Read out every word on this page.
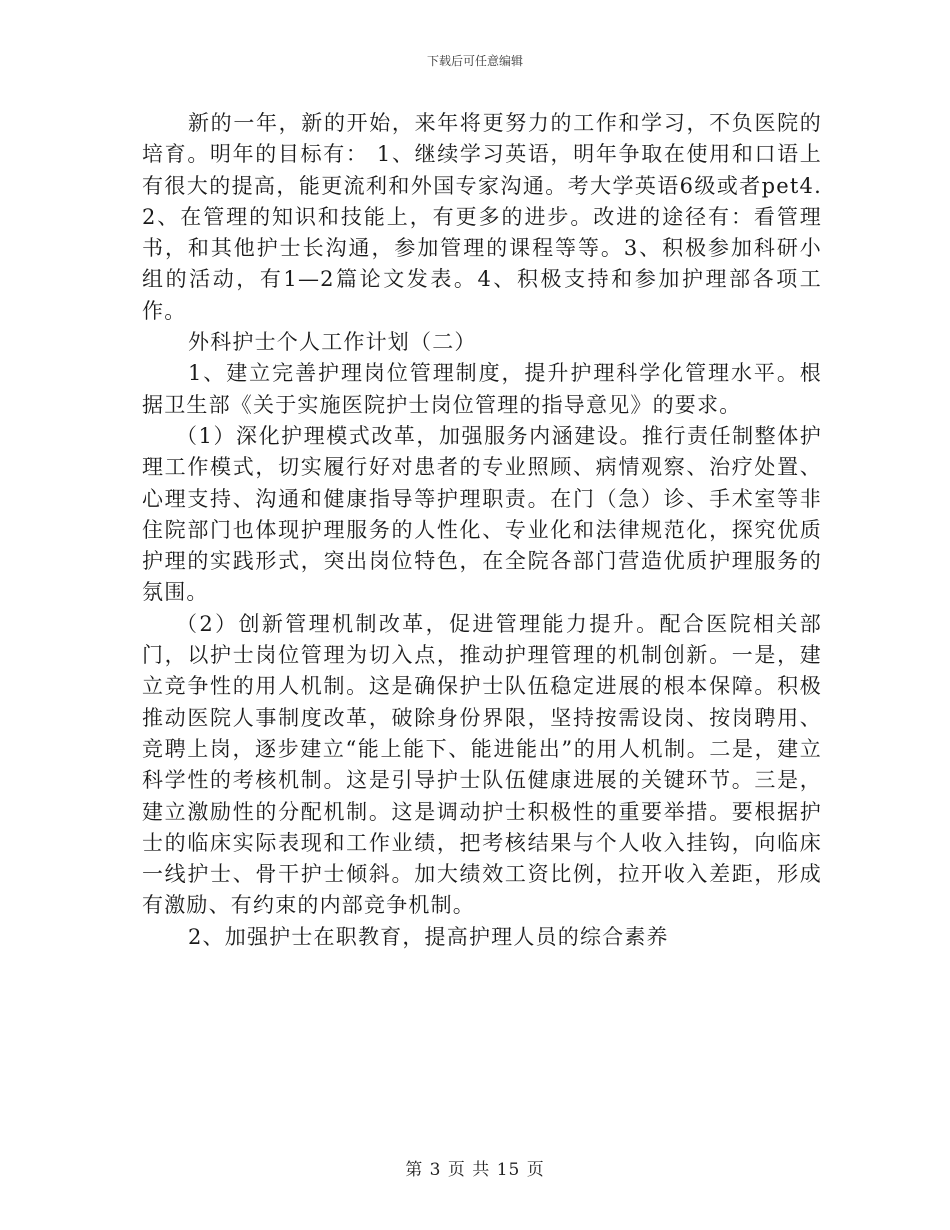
下载后可任意编辑

新的一年，新的开始，来年将更努力的工作和学习，不负医院的培育。明年的目标有： 1、继续学习英语，明年争取在使用和口语上有很大的提高，能更流利和外国专家沟通。考大学英语6级或者pet4. 2、在管理的知识和技能上，有更多的进步。改进的途径有：看管理书，和其他护士长沟通，参加管理的课程等等。3、积极参加科研小组的活动，有1—2篇论文发表。4、积极支持和参加护理部各项工作。

外科护士个人工作计划（二）

1、建立完善护理岗位管理制度，提升护理科学化管理水平。根据卫生部《关于实施医院护士岗位管理的指导意见》的要求。

（1）深化护理模式改革，加强服务内涵建设。推行责任制整体护理工作模式，切实履行好对患者的专业照顾、病情观察、治疗处置、心理支持、沟通和健康指导等护理职责。在门（急）诊、手术室等非住院部门也体现护理服务的人性化、专业化和法律规范化，探究优质护理的实践形式，突出岗位特色，在全院各部门营造优质护理服务的氛围。

（2）创新管理机制改革，促进管理能力提升。配合医院相关部门，以护士岗位管理为切入点，推动护理管理的机制创新。一是，建立竞争性的用人机制。这是确保护士队伍稳定进展的根本保障。积极推动医院人事制度改革，破除身份界限，坚持按需设岗、按岗聘用、竞聘上岗，逐步建立“能上能下、能进能出”的用人机制。二是，建立科学性的考核机制。这是引导护士队伍健康进展的关键环节。三是，建立激励性的分配机制。这是调动护士积极性的重要举措。要根据护士的临床实际表现和工作业绩，把考核结果与个人收入挂钩，向临床一线护士、骨干护士倾斜。加大绩效工资比例，拉开收入差距，形成有激励、有约束的内部竞争机制。

2、加强护士在职教育，提高护理人员的综合素养

第 3 页 共 15 页
